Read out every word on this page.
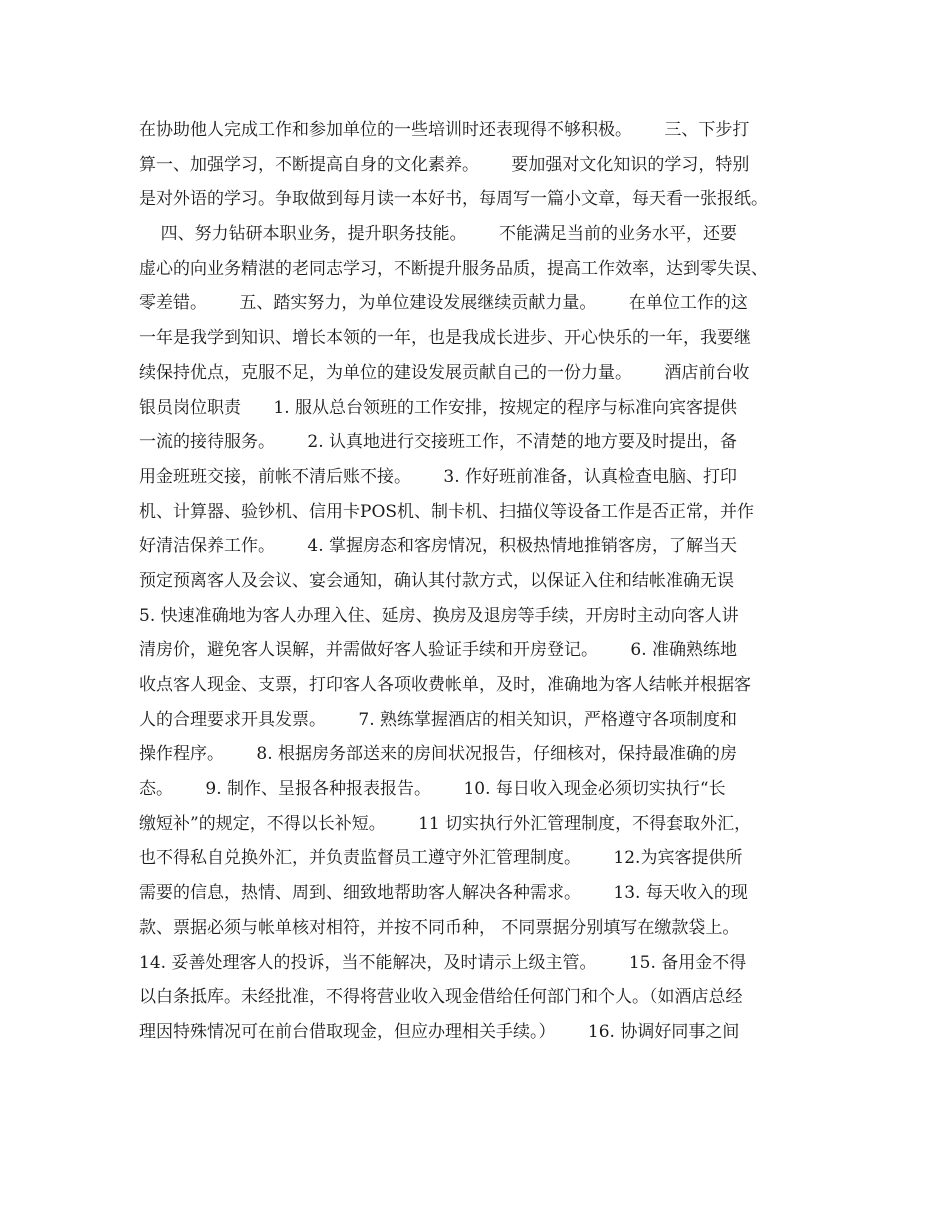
在协助他人完成工作和参加单位的一些培训时还表现得不够积极。      三、下步打
算一、加强学习，不断提高自身的文化素养。      要加强对文化知识的学习，特别
是对外语的学习。争取做到每月读一本好书，每周写一篇小文章，每天看一张报纸。
四、努力钻研本职业务，提升职务技能。      不能满足当前的业务水平，还要
虚心的向业务精湛的老同志学习，不断提升服务品质，提高工作效率，达到零失误、
零差错。      五、踏实努力，为单位建设发展继续贡献力量。      在单位工作的这
一年是我学到知识、增长本领的一年，也是我成长进步、开心快乐的一年，我要继
续保持优点，克服不足，为单位的建设发展贡献自己的一份力量。      酒店前台收
银员岗位职责      1. 服从总台领班的工作安排，按规定的程序与标准向宾客提供
一流的接待服务。      2. 认真地进行交接班工作，不清楚的地方要及时提出，备
用金班班交接，前帐不清后账不接。      3. 作好班前准备，认真检查电脑、打印
机、计算器、验钞机、信用卡POS机、制卡机、扫描仪等设备工作是否正常，并作
好清洁保养工作。      4. 掌握房态和客房情况，积极热情地推销客房，了解当天
预定预离客人及会议、宴会通知，确认其付款方式，以保证入住和结帐准确无误
5. 快速准确地为客人办理入住、延房、换房及退房等手续，开房时主动向客人讲
清房价，避免客人误解，并需做好客人验证手续和开房登记。      6. 准确熟练地
收点客人现金、支票，打印客人各项收费帐单，及时，准确地为客人结帐并根据客
人的合理要求开具发票。      7. 熟练掌握酒店的相关知识，严格遵守各项制度和
操作程序。      8. 根据房务部送来的房间状况报告，仔细核对，保持最准确的房
态。      9. 制作、呈报各种报表报告。      10. 每日收入现金必须切实执行“长
缴短补”的规定，不得以长补短。      11 切实执行外汇管理制度，不得套取外汇，
也不得私自兑换外汇，并负责监督员工遵守外汇管理制度。      12.为宾客提供所
需要的信息，热情、周到、细致地帮助客人解决各种需求。      13. 每天收入的现
款、票据必须与帐单核对相符，并按不同币种， 不同票据分别填写在缴款袋上。
14. 妥善处理客人的投诉，当不能解决，及时请示上级主管。      15. 备用金不得
以白条抵库。未经批准，不得将营业收入现金借给任何部门和个人。（如酒店总经
理因特殊情况可在前台借取现金，但应办理相关手续。）      16. 协调好同事之间
